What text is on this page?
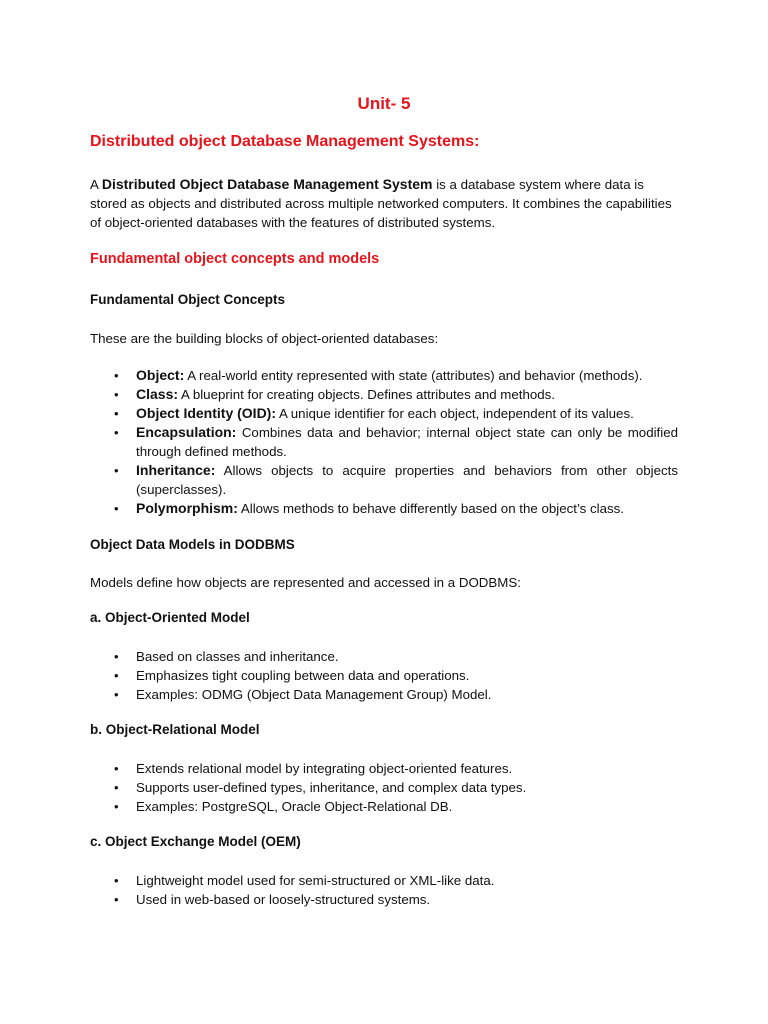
Unit- 5
Distributed object Database Management Systems:

A Distributed Object Database Management System is a database system where data is stored as objects and distributed across multiple networked computers. It combines the capabilities of object-oriented databases with the features of distributed systems.

Fundamental object concepts and models
Fundamental Object Concepts

These are the building blocks of object-oriented databases:

• Object: A real-world entity represented with state (attributes) and behavior (methods).
• Class: A blueprint for creating objects. Defines attributes and methods.
• Object Identity (OID): A unique identifier for each object, independent of its values.
• Encapsulation: Combines data and behavior; internal object state can only be modified through defined methods.
• Inheritance: Allows objects to acquire properties and behaviors from other objects (superclasses).
• Polymorphism: Allows methods to behave differently based on the object’s class.
Object Data Models in DODBMS

Models define how objects are represented and accessed in a DODBMS:

a. Object-Oriented Model
• Based on classes and inheritance.
• Emphasizes tight coupling between data and operations.
• Examples: ODMG (Object Data Management Group) Model.
b. Object-Relational Model
• Extends relational model by integrating object-oriented features.
• Supports user-defined types, inheritance, and complex data types.
• Examples: PostgreSQL, Oracle Object-Relational DB.
c. Object Exchange Model (OEM)
• Lightweight model used for semi-structured or XML-like data.
• Used in web-based or loosely-structured systems.
